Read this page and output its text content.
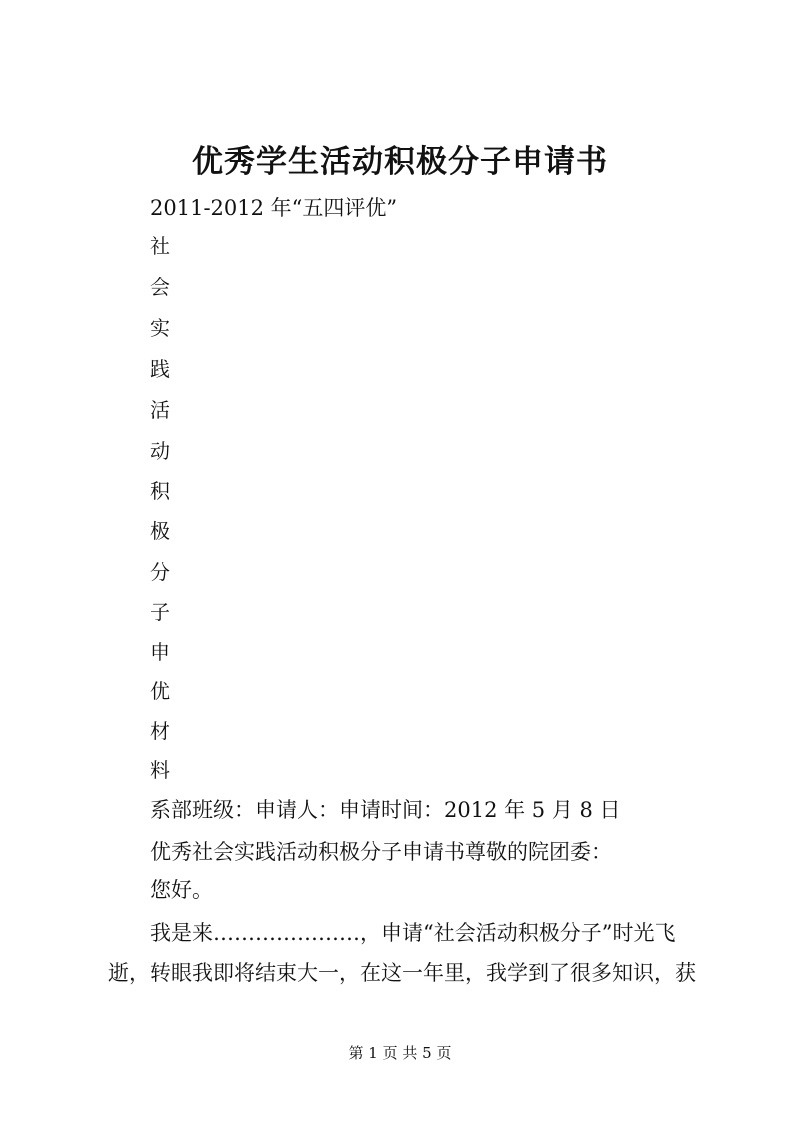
优秀学生活动积极分子申请书
2011-2012 年“五四评优”
社
会
实
践
活
动
积
极
分
子
申
优
材
料
系部班级：申请人：申请时间：2012 年 5 月 8 日
优秀社会实践活动积极分子申请书尊敬的院团委：
您好。
我是来…………………，申请“社会活动积极分子”时光飞
逝，转眼我即将结束大一，在这一年里，我学到了很多知识，获
第 1 页 共 5 页
